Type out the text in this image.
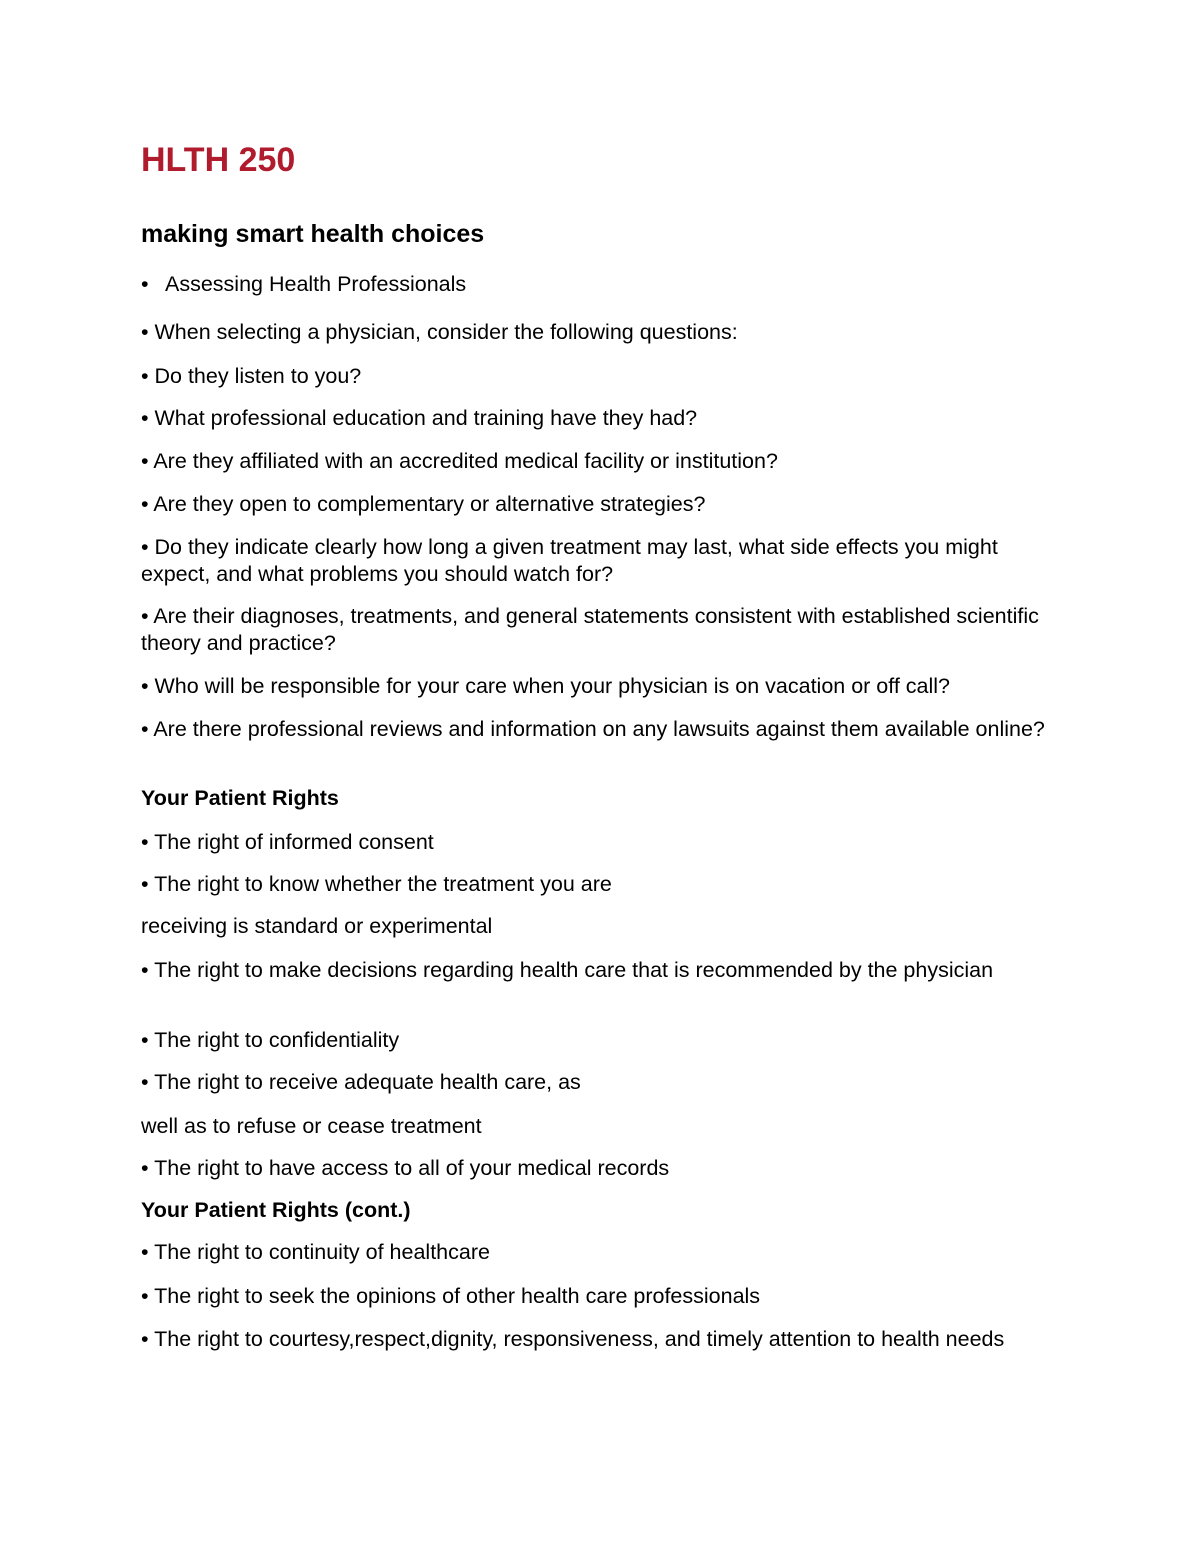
HLTH 250
making smart health choices

• Assessing Health Professionals

• When selecting a physician, consider the following questions:

• Do they listen to you?

• What professional education and training have they had?

• Are they affiliated with an accredited medical facility or institution?

• Are they open to complementary or alternative strategies?

• Do they indicate clearly how long a given treatment may last, what side effects you might expect, and what problems you should watch for?

• Are their diagnoses, treatments, and general statements consistent with established scientific theory and practice?

• Who will be responsible for your care when your physician is on vacation or off call?

• Are there professional reviews and information on any lawsuits against them available online?

Your Patient Rights

• The right of informed consent

• The right to know whether the treatment you are

receiving is standard or experimental

• The right to make decisions regarding health care that is recommended by the physician

• The right to confidentiality

• The right to receive adequate health care, as

well as to refuse or cease treatment

• The right to have access to all of your medical records

Your Patient Rights (cont.)

• The right to continuity of healthcare

• The right to seek the opinions of other health care professionals

• The right to courtesy,respect,dignity, responsiveness, and timely attention to health needs
